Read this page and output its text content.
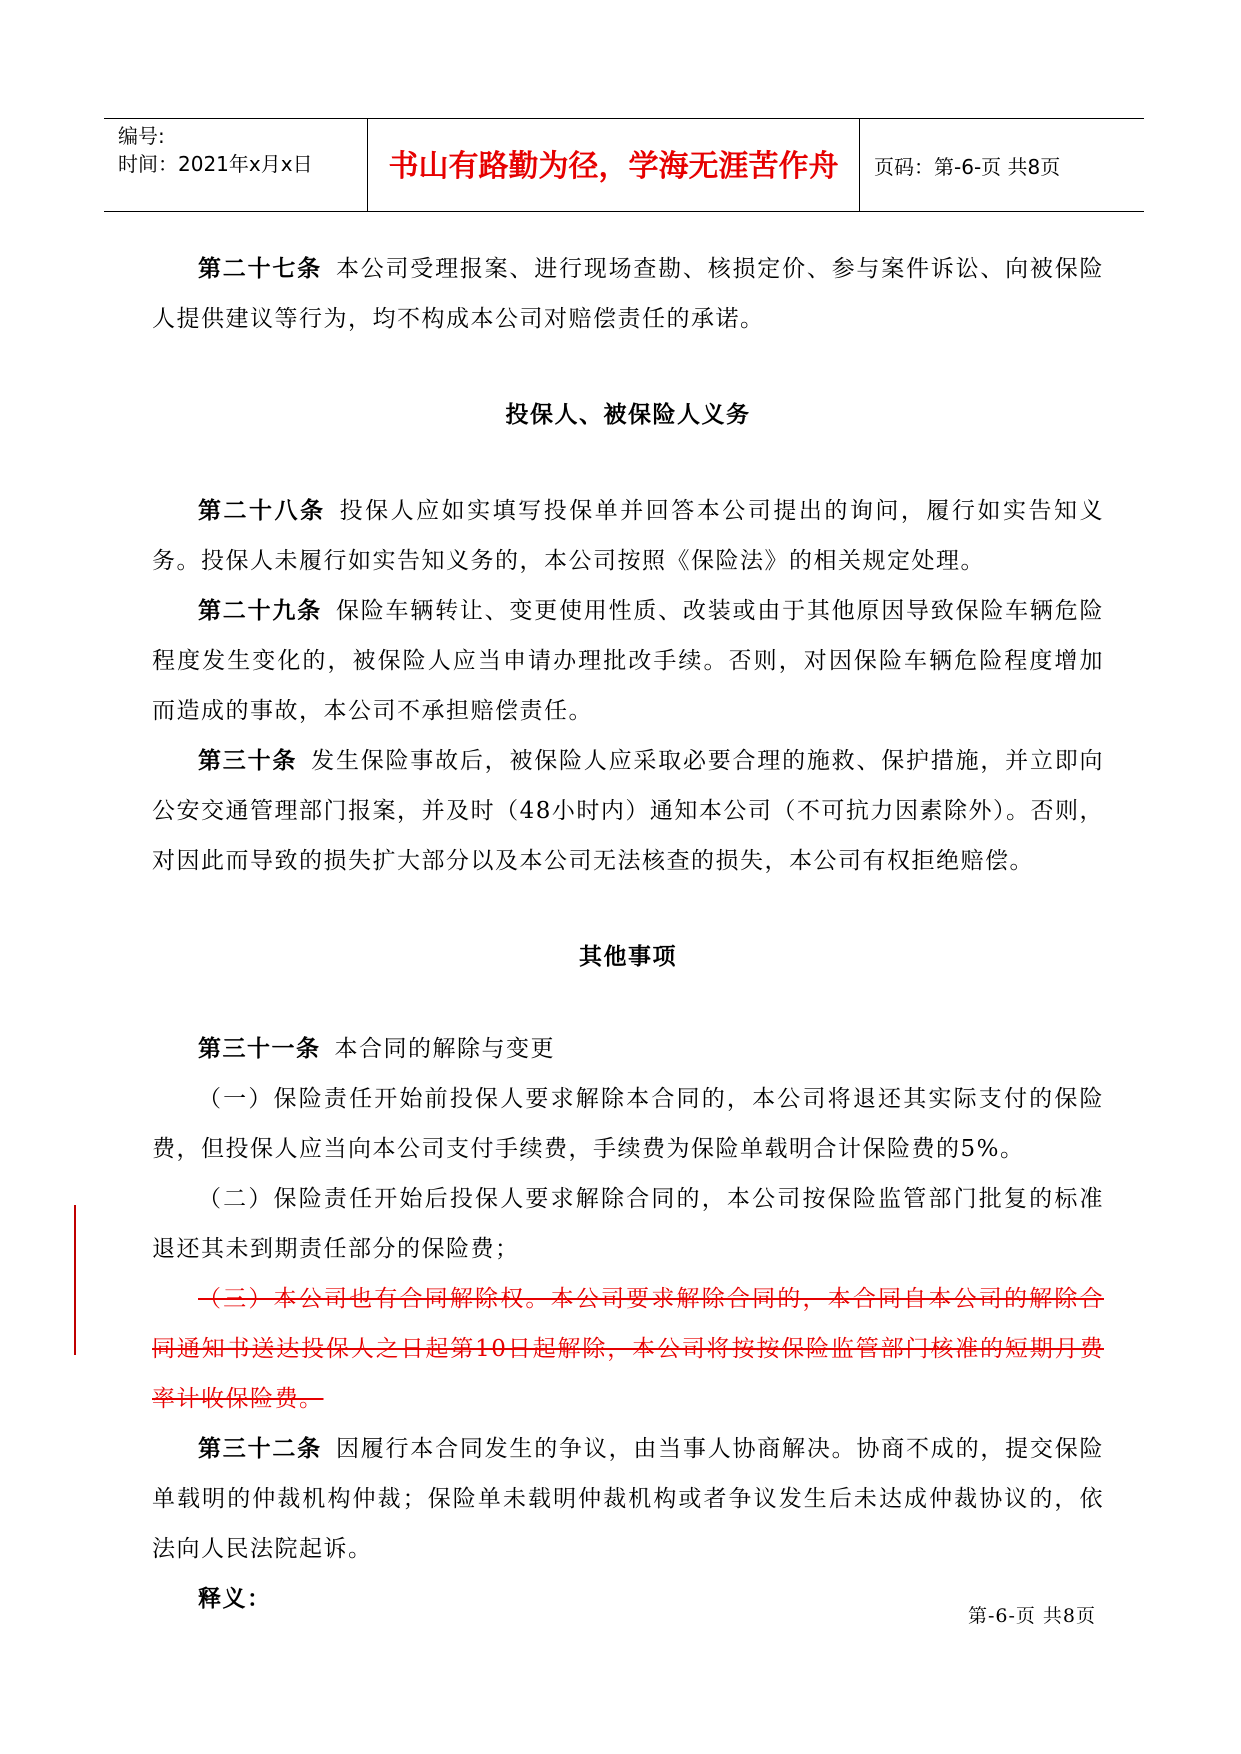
编号:
时间：2021年x月x日	书山有路勤为径，学海无涯苦作舟	页码：第-6-页 共8页

第二十七条 本公司受理报案、进行现场查勘、核损定价、参与案件诉讼、向被保险人提供建议等行为，均不构成本公司对赔偿责任的承诺。

投保人、被保险人义务

第二十八条 投保人应如实填写投保单并回答本公司提出的询问，履行如实告知义务。投保人未履行如实告知义务的，本公司按照《保险法》的相关规定处理。

第二十九条 保险车辆转让、变更使用性质、改装或由于其他原因导致保险车辆危险程度发生变化的，被保险人应当申请办理批改手续。否则，对因保险车辆危险程度增加而造成的事故，本公司不承担赔偿责任。

第三十条 发生保险事故后，被保险人应采取必要合理的施救、保护措施，并立即向公安交通管理部门报案，并及时（48小时内）通知本公司（不可抗力因素除外）。否则，对因此而导致的损失扩大部分以及本公司无法核查的损失，本公司有权拒绝赔偿。

其他事项

第三十一条 本合同的解除与变更

（一）保险责任开始前投保人要求解除本合同的，本公司将退还其实际支付的保险费，但投保人应当向本公司支付手续费，手续费为保险单载明合计保险费的5%。

（二）保险责任开始后投保人要求解除合同的，本公司按保险监管部门批复的标准退还其未到期责任部分的保险费；

（三）本公司也有合同解除权。本公司要求解除合同的，本合同自本公司的解除合同通知书送达投保人之日起第10日起解除，本公司将按按保险监管部门核准的短期月费率计收保险费。

第三十二条 因履行本合同发生的争议，由当事人协商解决。协商不成的，提交保险单载明的仲裁机构仲裁；保险单未载明仲裁机构或者争议发生后未达成仲裁协议的，依法向人民法院起诉。

释义：

第-6-页 共8页
